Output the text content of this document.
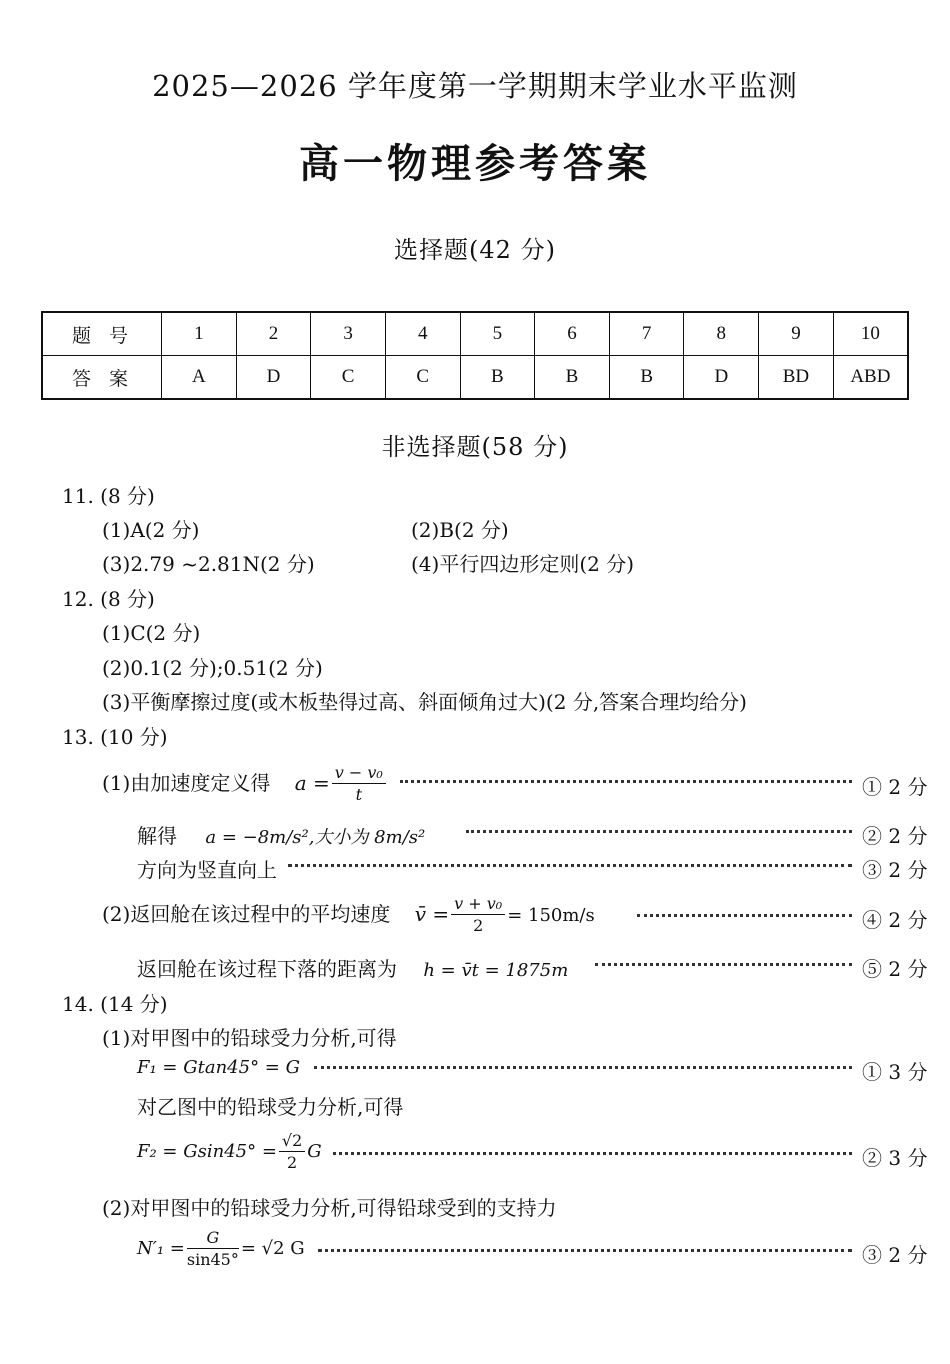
2025—2026 学年度第一学期期末学业水平监测
高一物理参考答案
选择题(42 分)
题号	1	2	3	4	5	6	7	8	9	10
答案	A	D	C	C	B	B	B	D	BD	ABD
非选择题(58 分)
11. (8 分)
(1)A(2 分)	(2)B(2 分)
(3)2.79 ~2.81N(2 分)	(4)平行四边形定则(2 分)
12. (8 分)
(1)C(2 分)
(2)0.1(2 分);0.51(2 分)
(3)平衡摩擦过度(或木板垫得过高、斜面倾角过大)(2 分,答案合理均给分)
13. (10 分)
(1)由加速度定义得 $a = \frac{\text{v − v₀}}{t}$	① 2 分
解得 a = −8m/s²,大小为 8m/s²	② 2 分
方向为竖直向上	③ 2 分
(2)返回舱在该过程中的平均速度 v̄ = $\frac{\text{v + v₀}}{2} = 150m/s$	④ 2 分
返回舱在该过程下落的距离为 h = v̄t = 1875m	⑤ 2 分
14. (14 分)
(1)对甲图中的铅球受力分析,可得
F₁ = Gtan45° = G	① 3 分
对乙图中的铅球受力分析,可得
$F_2 = Gsin45^\circ = \frac{√2}{2}$ G	② 3 分
(2)对甲图中的铅球受力分析,可得铅球受到的支持力
$N'_1 = \frac{G}{\sin 45^\circ} = √2$ G	③ 2 分
